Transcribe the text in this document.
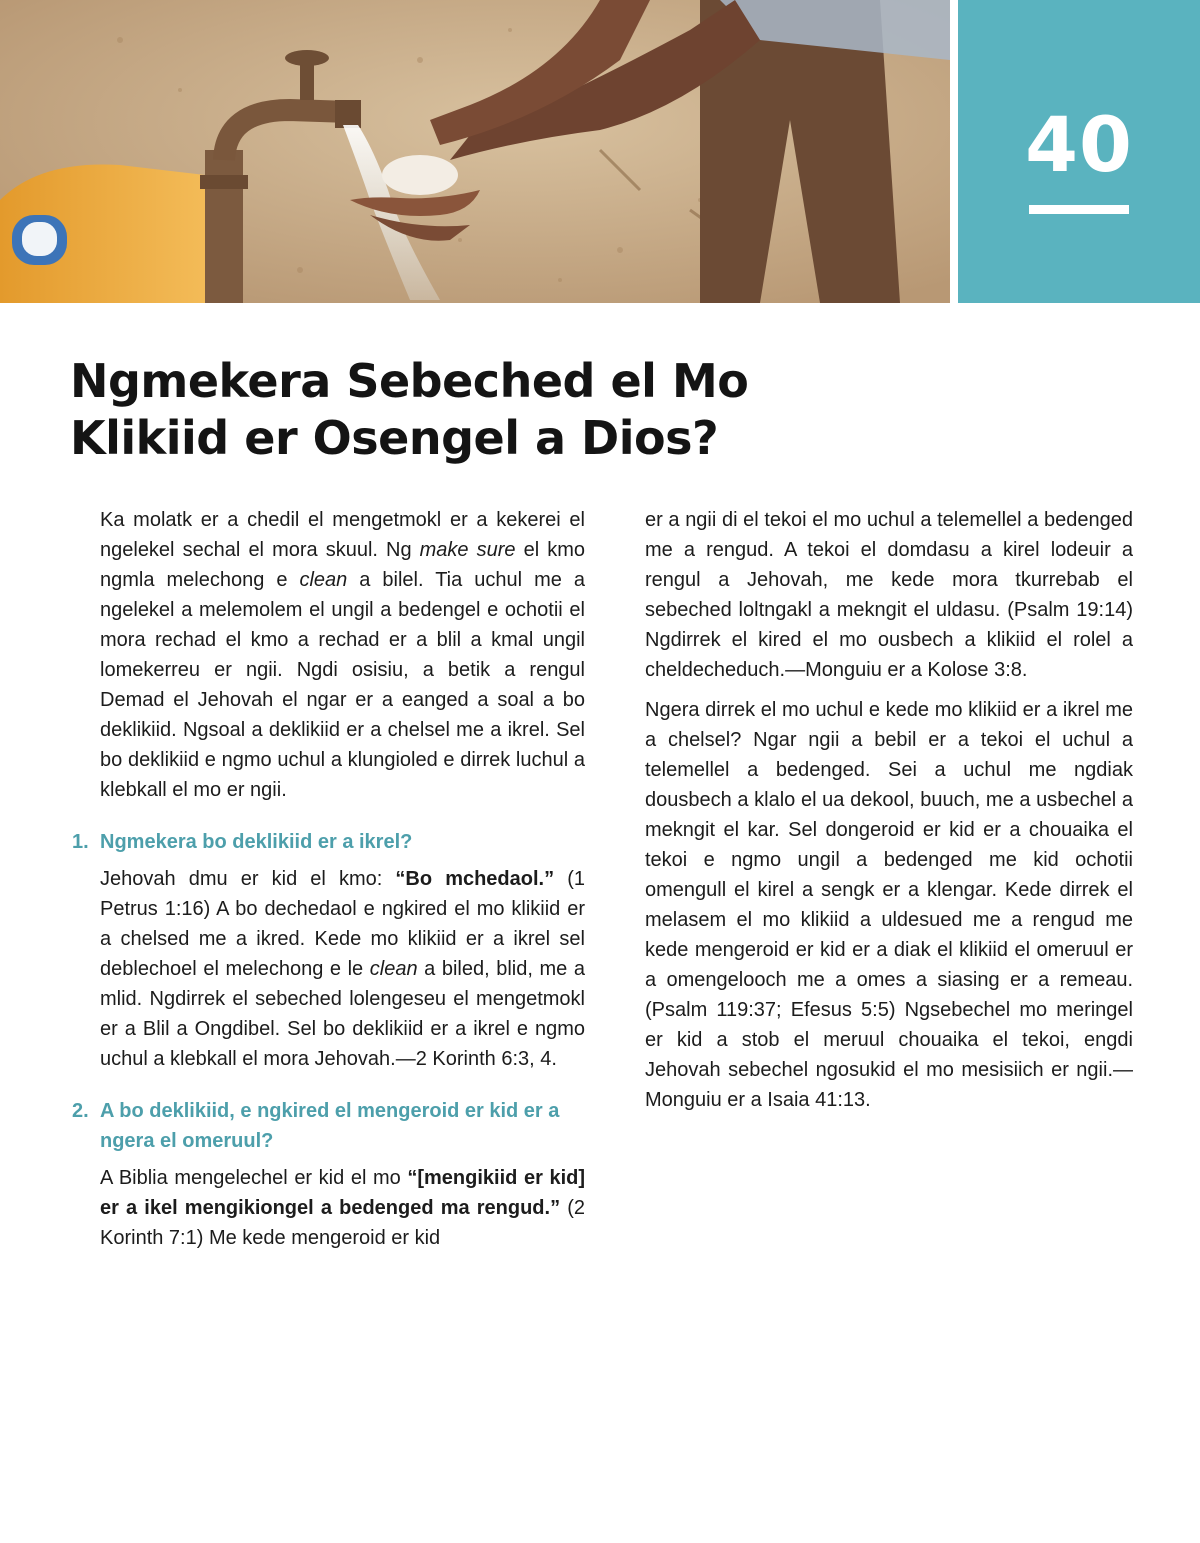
40
Ngmekera Sebeched el Mo
Klikiid er Osengel a Dios?

Ka molatk er a chedil el mengetmokl er a kekerei el ngelekel sechal el mora skuul. Ng make sure el kmo ngmla melechong e clean a bilel. Tia uchul me a ngelekel a melemolem el ungil a bedengel e ochotii el mora rechad el kmo a rechad er a blil a kmal ungil lomekerreu er ngii. Ngdi osisiu, a betik a rengul Demad el Jehovah el ngar er a eanged a soal a bo deklikiid. Ngsoal a deklikiid er a chelsel me a ikrel. Sel bo deklikiid e ngmo uchul a klungioled e dirrek luchul a klebkall el mo er ngii.

1. Ngmekera bo deklikiid er a ikrel?

Jehovah dmu er kid el kmo: “Bo mchedaol.” (1 Petrus 1:16) A bo dechedaol e ngkired el mo klikiid er a chelsed me a ikred. Kede mo klikiid er a ikrel sel deblechoel el melechong e le clean a biled, blid, me a mlid. Ngdirrek el sebeched lolengeseu el mengetmokl er a Blil a Ongdibel. Sel bo deklikiid er a ikrel e ngmo uchul a klebkall el mora Jehovah.—2 Korinth 6:3, 4.

2. A bo deklikiid, e ngkired el mengeroid er kid er a ngera el omeruul?

A Biblia mengelechel er kid el mo “[mengikiid er kid] er a ikel mengikiongel a bedenged ma rengud.” (2 Korinth 7:1) Me kede mengeroid er kid

er a ngii di el tekoi el mo uchul a telemellel a bedenged me a rengud. A tekoi el domdasu a kirel lodeuir a rengul a Jehovah, me kede mora tkurrebab el sebeched loltngakl a mekngit el uldasu. (Psalm 19:14) Ngdirrek el kired el mo ousbech a klikiid el rolel a cheldecheduch.—Monguiu er a Kolose 3:8.

Ngera dirrek el mo uchul e kede mo klikiid er a ikrel me a chelsel? Ngar ngii a bebil er a tekoi el uchul a telemellel a bedenged. Sei a uchul me ngdiak dousbech a klalo el ua dekool, buuch, me a usbechel a mekngit el kar. Sel dongeroid er kid er a chouaika el tekoi e ngmo ungil a bedenged me kid ochotii omengull el kirel a sengk er a klengar. Kede dirrek el melasem el mo klikiid a uldesued me a rengud me kede mengeroid er kid er a diak el klikiid el omeruul er a omengelooch me a omes a siasing er a remeau. (Psalm 119:37; Efesus 5:5) Ngsebechel mo meringel er kid a stob el meruul chouaika el tekoi, engdi Jehovah sebechel ngosukid el mo mesisiich er ngii.—Monguiu er a Isaia 41:13.
